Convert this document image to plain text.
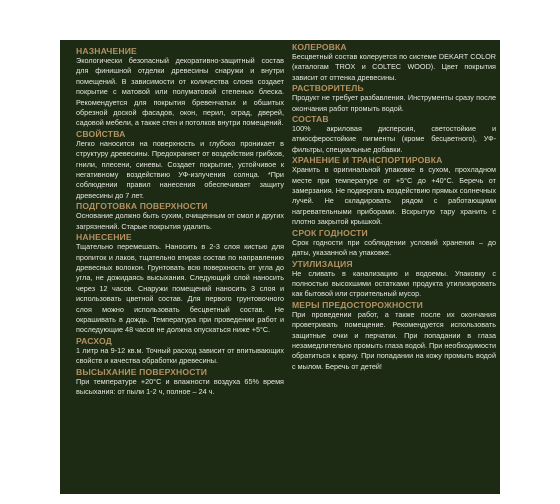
НАЗНАЧЕНИЕ

Экологически безопасный декоративно-защитный состав для финишной отделки древесины снаружи и внутри помещений. В зависимости от количества слоев создает покрытие с матовой или полуматовой степенью блеска. Рекомендуется для покрытия бревенчатых и обшитых обрезной доской фасадов, окон, перил, оград, дверей, садовой мебели, а также стен и потолков внутри помещений.

СВОЙСТВА

Легко наносится на поверхность и глубоко проникает в структуру древесины. Предохраняет от воздействия грибков, гнили, плесени, синевы. Создает покрытие, устойчивое к негативному воздействию УФ-излучения солнца. *При соблюдении правил нанесения обеспечивает защиту древесины до 7 лет.

ПОДГОТОВКА ПОВЕРХНОСТИ

Основание должно быть сухим, очищенным от смол и других загрязнений. Старые покрытия удалить.

НАНЕСЕНИЕ

Тщательно перемешать. Наносить в 2-3 слоя кистью для пропиток и лаков, тщательно втирая состав по направлению древесных волокон. Грунтовать всю поверхность от угла до угла, не дожидаясь высыхания. Следующий слой наносить через 12 часов. Снаружи помещений наносить 3 слоя и использовать цветной состав. Для первого грунтовочного слоя можно использовать бесцветный состав. Не окрашивать в дождь. Температура при проведении работ и последующие 48 часов не должна опускаться ниже +5°С.

РАСХОД

1 литр на 9-12 кв.м. Точный расход зависит от впитывающих свойств и качества обработки древесины.

ВЫСЫХАНИЕ ПОВЕРХНОСТИ

При температуре +20°С и влажности воздуха 65% время высыхания: от пыли 1-2 ч, полное – 24 ч.

КОЛЕРОВКА

Бесцветный состав колеруется по системе DEKART COLOR (каталогам TROX и COLTEC WOOD). Цвет покрытия зависит от оттенка древесины.

РАСТВОРИТЕЛЬ

Продукт не требует разбавления. Инструменты сразу после окончания работ промыть водой.

СОСТАВ

100% акриловая дисперсия, светостойкие и атмосферостойкие пигменты (кроме бесцветного), УФ-фильтры, специальные добавки.

ХРАНЕНИЕ И ТРАНСПОРТИРОВКА

Хранить в оригинальной упаковке в сухом, прохладном месте при температуре от +5°С до +40°С. Беречь от замерзания. Не подвергать воздействию прямых солнечных лучей. Не складировать рядом с работающими нагревательными приборами. Вскрытую тару хранить с плотно закрытой крышкой.

СРОК ГОДНОСТИ

Срок годности при соблюдении условий хранения – до даты, указанной на упаковке.

УТИЛИЗАЦИЯ

Не сливать в канализацию и водоемы. Упаковку с полностью высохшими остатками продукта утилизировать как бытовой или строительный мусор.

МЕРЫ ПРЕДОСТОРОЖНОСТИ

При проведении работ, а также после их окончания проветривать помещение. Рекомендуется использовать защитные очки и перчатки. При попадании в глаза незамедлительно промыть глаза водой. При необходимости обратиться к врачу. При попадании на кожу промыть водой с мылом. Беречь от детей!
